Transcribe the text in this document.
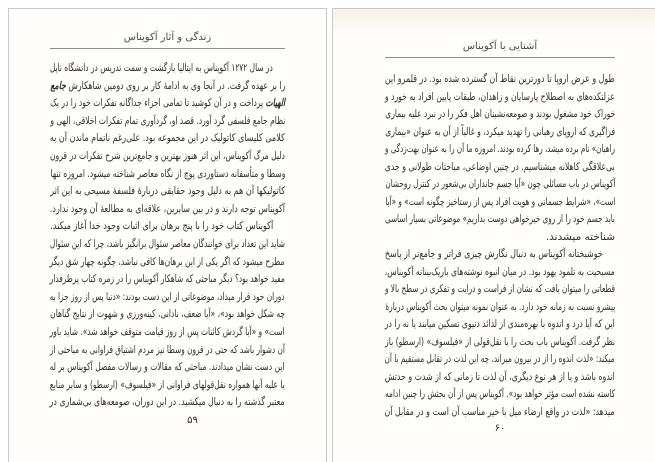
زندگی و آثار آکویناس
در سال ۱۲۷۲ آکویناس به ایتالیا بازگشت و سمت تدریس در دانشگاه ناپل
را بر عهده گرفت. در آنجا وی به ادامهٔ کار بر روی دومین شاهکارش جامع
الهیات پرداخت و در آن کوشید تا تمامی اجزاء جداگانه تفکرات خود را در یک
نظام جامع فلسفی گرد آورد. قصد او، گردآوری تمام تفکرات اخلاقی، الهی و
کلامی کلیسای کاتولیک در این مجموعه بود. علی‌رغم ناتمام ماندن آن به
دلیل مرگ آکویناس، این اثر هنوز بهترین و جامع‌ترین شرح تفکرات در قرون
وسطا و متأسفانه دستاوردی پوچ از نگاه معاصر شناخته میشود. امروزه تنها
کاتولیکها آن هم به دلیل وجود حقایقی دربارهٔ فلسفهٔ مسیحی به این اثر
آکویناس توجه دارند و در بین سایرین، علاقه‌ای به مطالعهٔ آن وجود ندارد.
آکویناس کتاب خود را با پنج برهان برای اثبات وجود خدا آغاز میکند.
شاید این تعداد برای خوانندگان معاصر سئوال برانگیز باشد، چرا که این سئوال
مطرح میشود که اگر یکی از این برهان‌ها کافی نباشد، چگونه چهار شق دیگر
مفید خواهد بود؟ دیگر مباحثی که شاهکار آکویناس را در زمره کتاب پرطرفدار
دوران خود قرار میداد، موضوعاتی از این دست بودند: «دنیا پس از روز جزا به
چه شکل خواهد بود»، «آیا ضعف، نادانی، کینه‌ورزی و شهوت از نتایج گناهان
است» و «آیا گردش کائنات پس از روز قیامت متوقف خواهد شد». شاید باور
آن دشوار باشد که حتی در قرون وسطا نیز مردم اشتیاق فراوانی به مباحثی از
این دست نشان میدادند. مباحثی که مقالات و رسالات مفصل آکویناس بر له
یا علیه آنها همواره نقل‌قولهای فراوانی از «فیلسوف» (ارسطو) و سایر منابع
معتبر گذشته را به دنبال میکشید. در این دوران، صومعه‌های بی‌شماری در
۵۹
آشنایی با آکویناس
طول و عرض اروپا تا دورترین نقاط آن گسترده شده بود. در قلمرو این
عزلتکده‌های به اصطلاح پارسایان و زاهدان، طبقات پایین افراد به خورد و
خوراک خود مشغول بودند و صومعه‌نشینان اهل فکر را در نبرد علیه بیماری
فراگیری که اروپای رهبانی را تهدید میکرد، و غالباً از آن به عنوان «بیماری
راهبان» نام برده میشد، رها کرده بودند. امروزه ما آن را به عنوان بهت‌زدگی و
بی‌علاقگی کاهلانه میشناسیم. در چنین اوضاعی، مباحثات طولانی و جدی
آکویناس در باب مسائلی چون «آیا جسم جانداران بی‌شعور در کنترل روحشان
است»، «شرایط جسمانی و هویت افراد پس از رستاخیز چگونه است» و «آیا
باید جسم خود را از روی خیرخواهی دوست بداریم» موضوعاتی بسیار اساسی
شناخته میشدند.
خوشبختانه آکویناس به دنبال نگارش چیزی فراتر و جامع‌تر از پاسخ
مسیحیت به تلمود یهود بود. در میان انبوه نوشته‌های باریک‌بینانه آکویناس،
قطعاتی را میتوان یافت که نشان از فراست و درایت و تفکری در سطح بالا و
پیشرو نسبت به زمانه خود دارد. به عنوان نمونه میتوان بحث آکویناس دربارهٔ
این که آیا درد و اندوه با بهره‌مندی از لذائذ دنیوی تسکین میابند یا نه را در
نظر گرفت. آکویناس باب بحث را با نقل‌قولی از «فیلسوف» (ارسطو) باز
میکند: «لذت اندوه را از در بیرون میراند، چه این لذت در تقابل مستقیم با آن
اندوه باشد و یا از هر نوع دیگری، آن لذت تا زمانی که از شدت و حدتش
کاسته نشده است مؤثر خواهد بود». آکویناس پس از آن بحثش را چنین ادامه
میدهد: «لذت در واقع ارضاء میل با خیر مناسب آن است و در مقابل آن
۶۰
